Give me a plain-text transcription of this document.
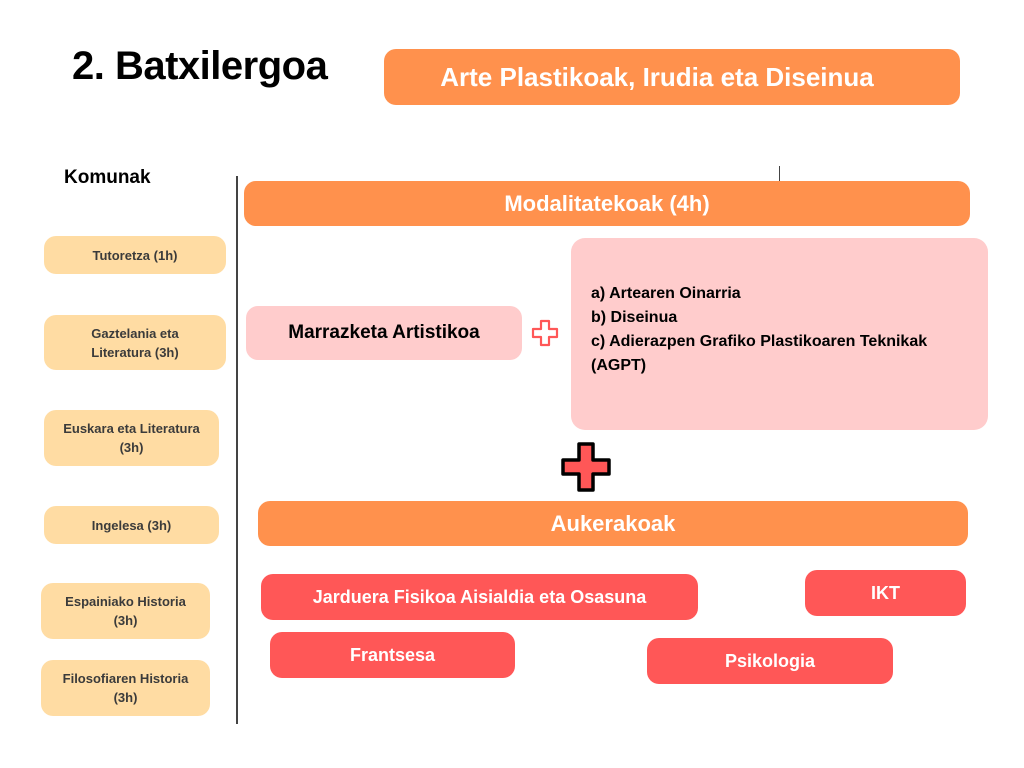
2. Batxilergoa	Arte Plastikoak, Irudia eta Diseinua
Komunak
Tutoretza (1h)
Gaztelania eta
Literatura (3h)
Euskara eta Literatura
(3h)
Ingelesa (3h)
Espainiako Historia
(3h)
Filosofiaren Historia
(3h)
Modalitatekoak (4h)
Marrazketa Artistikoa
a) Artearen Oinarria
b) Diseinua
c) Adierazpen Grafiko Plastikoaren Teknikak
(AGPT)
Aukerakoak
Jarduera Fisikoa Aisialdia eta Osasuna	IKT
Frantsesa	Psikologia
